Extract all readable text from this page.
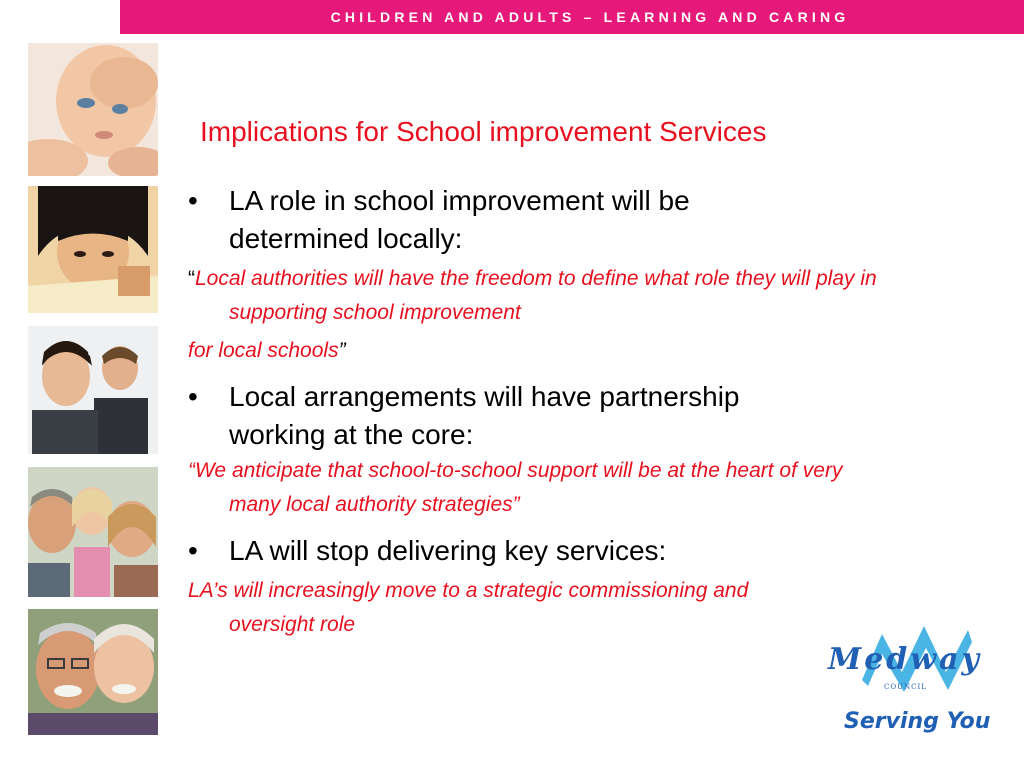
CHILDREN AND ADULTS – LEARNING AND CARING
Implications for School improvement Services
• LA role in school improvement will be
determined locally:
“Local authorities will have the freedom to define what role they will play in supporting school improvement
for local schools”
• Local arrangements will have partnership
working at the core:
“We anticipate that school-to-school support will be at the heart of very many local authority strategies”
• LA will stop delivering key services:
LA’s will increasingly move to a strategic commissioning and oversight role
Medway
COUNCIL
Serving You
